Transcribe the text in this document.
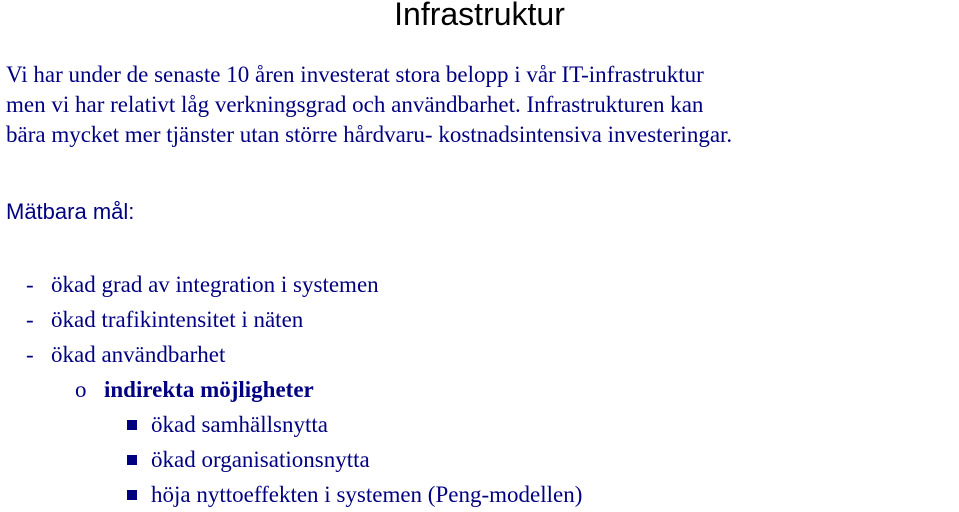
Infrastruktur
Vi har under de senaste 10 åren investerat stora belopp i vår IT-infrastruktur
men vi har relativt låg verkningsgrad och användbarhet. Infrastrukturen kan
bära mycket mer tjänster utan större hårdvaru- kostnadsintensiva investeringar.
Mätbara mål:
- ökad grad av integration i systemen
- ökad trafikintensitet i näten
- ökad användbarhet
o indirekta möjligheter
ökad samhällsnytta
ökad organisationsnytta
höja nyttoeffekten i systemen (Peng-modellen)
